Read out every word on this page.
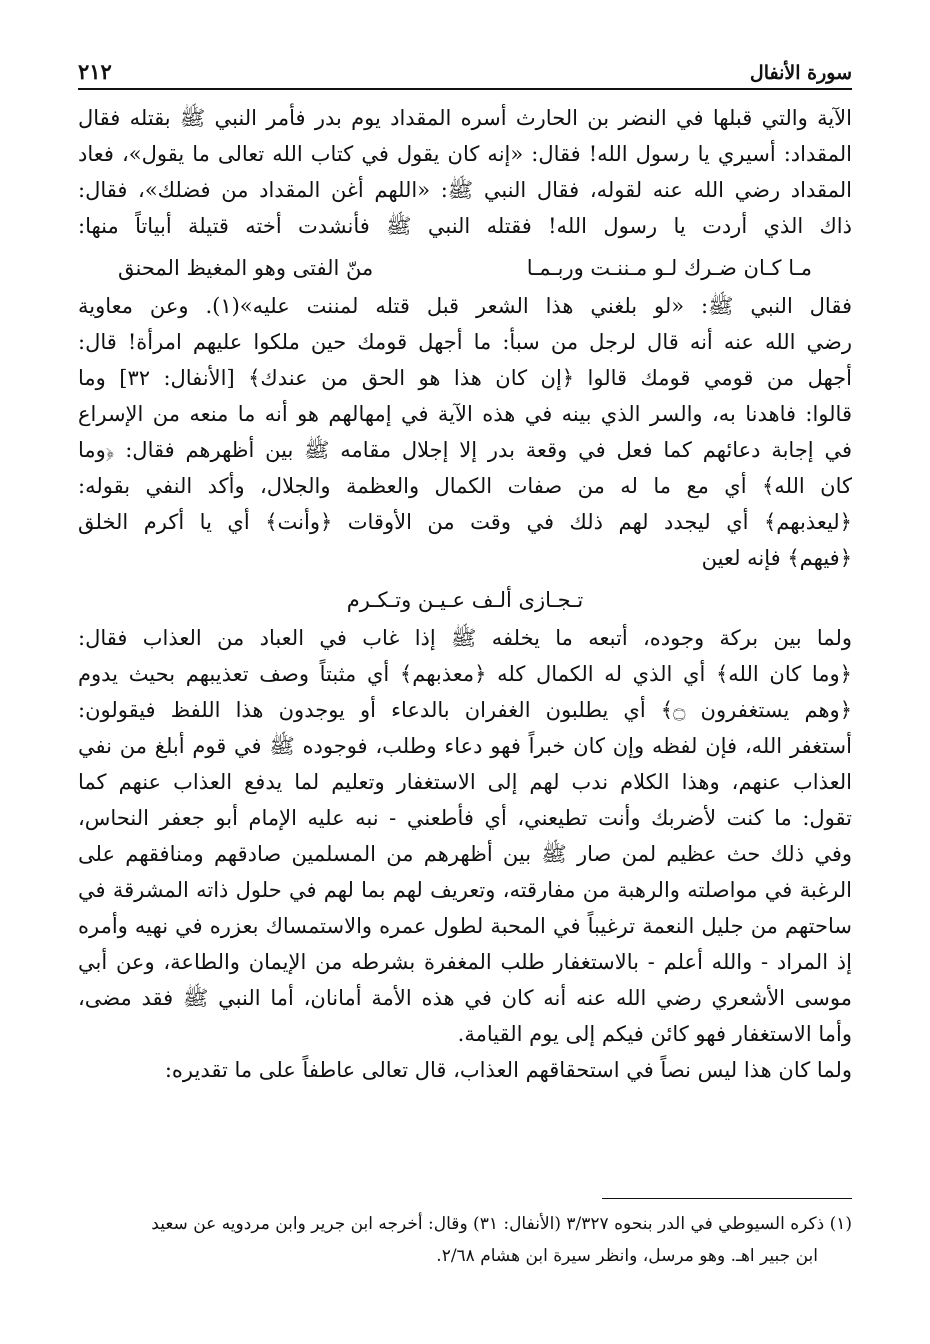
٢١٢	سورة الأنفال
الآية والتي قبلها في النضر بن الحارث أسره المقداد يوم بدر فأمر النبي ﷺ بقتله فقال
المقداد: أسيري يا رسول الله! فقال: «إنه كان يقول في كتاب الله تعالى ما يقول»، فعاد
المقداد رضي الله عنه لقوله، فقال النبي ﷺ: «اللهم أغن المقداد من فضلك»، فقال:
ذاك الذي أردت يا رسول الله! فقتله النبي ﷺ فأنشدت أخته قتيلة أبياتاً منها:
مـا كـان ضـرك لـو مـننـت وربـمـا
منّ الفتى وهو المغيظ المحنق
فقال النبي ﷺ: «لو بلغني هذا الشعر قبل قتله لمننت عليه»(١). وعن معاوية
رضي الله عنه أنه قال لرجل من سبأ: ما أجهل قومك حين ملكوا عليهم امرأة! قال:
أجهل من قومي قومك قالوا ﴿إن كان هذا هو الحق من عندك﴾ [الأنفال: ٣٢] وما
قالوا: فاهدنا به، والسر الذي بينه في هذه الآية في إمهالهم هو أنه ما منعه من الإسراع
في إجابة دعائهم كما فعل في وقعة بدر إلا إجلال مقامه ﷺ بين أظهرهم فقال: ﴿وما
كان الله﴾ أي مع ما له من صفات الكمال والعظمة والجلال، وأكد النفي بقوله:
﴿ليعذبهم﴾ أي ليجدد لهم ذلك في وقت من الأوقات ﴿وأنت﴾ أي يا أكرم الخلق
﴿فيهم﴾ فإنه لعين
تـجـازى ألـف عـيـن وتـكـرم
ولما بين بركة وجوده، أتبعه ما يخلفه ﷺ إذا غاب في العباد من العذاب فقال:
﴿وما كان الله﴾ أي الذي له الكمال كله ﴿معذبهم﴾ أي مثبتاً وصف تعذيبهم بحيث يدوم
﴿وهم يستغفرون ۝﴾ أي يطلبون الغفران بالدعاء أو يوجدون هذا اللفظ فيقولون:
أستغفر الله، فإن لفظه وإن كان خبراً فهو دعاء وطلب، فوجوده ﷺ في قوم أبلغ من نفي
العذاب عنهم، وهذا الكلام ندب لهم إلى الاستغفار وتعليم لما يدفع العذاب عنهم كما
تقول: ما كنت لأضربك وأنت تطيعني، أي فأطعني - نبه عليه الإمام أبو جعفر النحاس،
وفي ذلك حث عظيم لمن صار ﷺ بين أظهرهم من المسلمين صادقهم ومنافقهم على
الرغبة في مواصلته والرهبة من مفارقته، وتعريف لهم بما لهم في حلول ذاته المشرقة في
ساحتهم من جليل النعمة ترغيباً في المحبة لطول عمره والاستمساك بعزره في نهيه وأمره
إذ المراد - والله أعلم - بالاستغفار طلب المغفرة بشرطه من الإيمان والطاعة، وعن أبي
موسى الأشعري رضي الله عنه أنه كان في هذه الأمة أمانان، أما النبي ﷺ فقد مضى،
وأما الاستغفار فهو كائن فيكم إلى يوم القيامة.
ولما كان هذا ليس نصاً في استحقاقهم العذاب، قال تعالى عاطفاً على ما تقديره:
(١) ذكره السيوطي في الدر بنحوه ٣/٣٢٧ (الأنفال: ٣١) وقال: أخرجه ابن جرير وابن مردويه عن سعيد
ابن جبير اهـ. وهو مرسل، وانظر سيرة ابن هشام ٢/٦٨.
